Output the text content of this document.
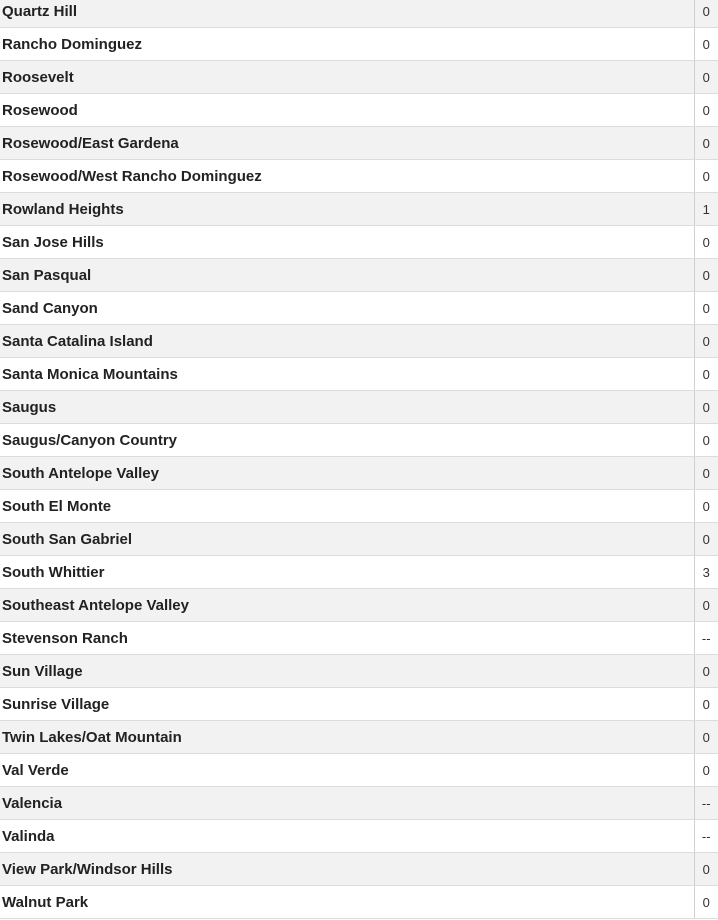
Quartz Hill	0
Rancho Dominguez	0
Roosevelt	0
Rosewood	0
Rosewood/East Gardena	0
Rosewood/West Rancho Dominguez	0
Rowland Heights	1
San Jose Hills	0
San Pasqual	0
Sand Canyon	0
Santa Catalina Island	0
Santa Monica Mountains	0
Saugus	0
Saugus/Canyon Country	0
South Antelope Valley	0
South El Monte	0
South San Gabriel	0
South Whittier	3
Southeast Antelope Valley	0
Stevenson Ranch	--
Sun Village	0
Sunrise Village	0
Twin Lakes/Oat Mountain	0
Val Verde	0
Valencia	--
Valinda	--
View Park/Windsor Hills	0
Walnut Park	0
